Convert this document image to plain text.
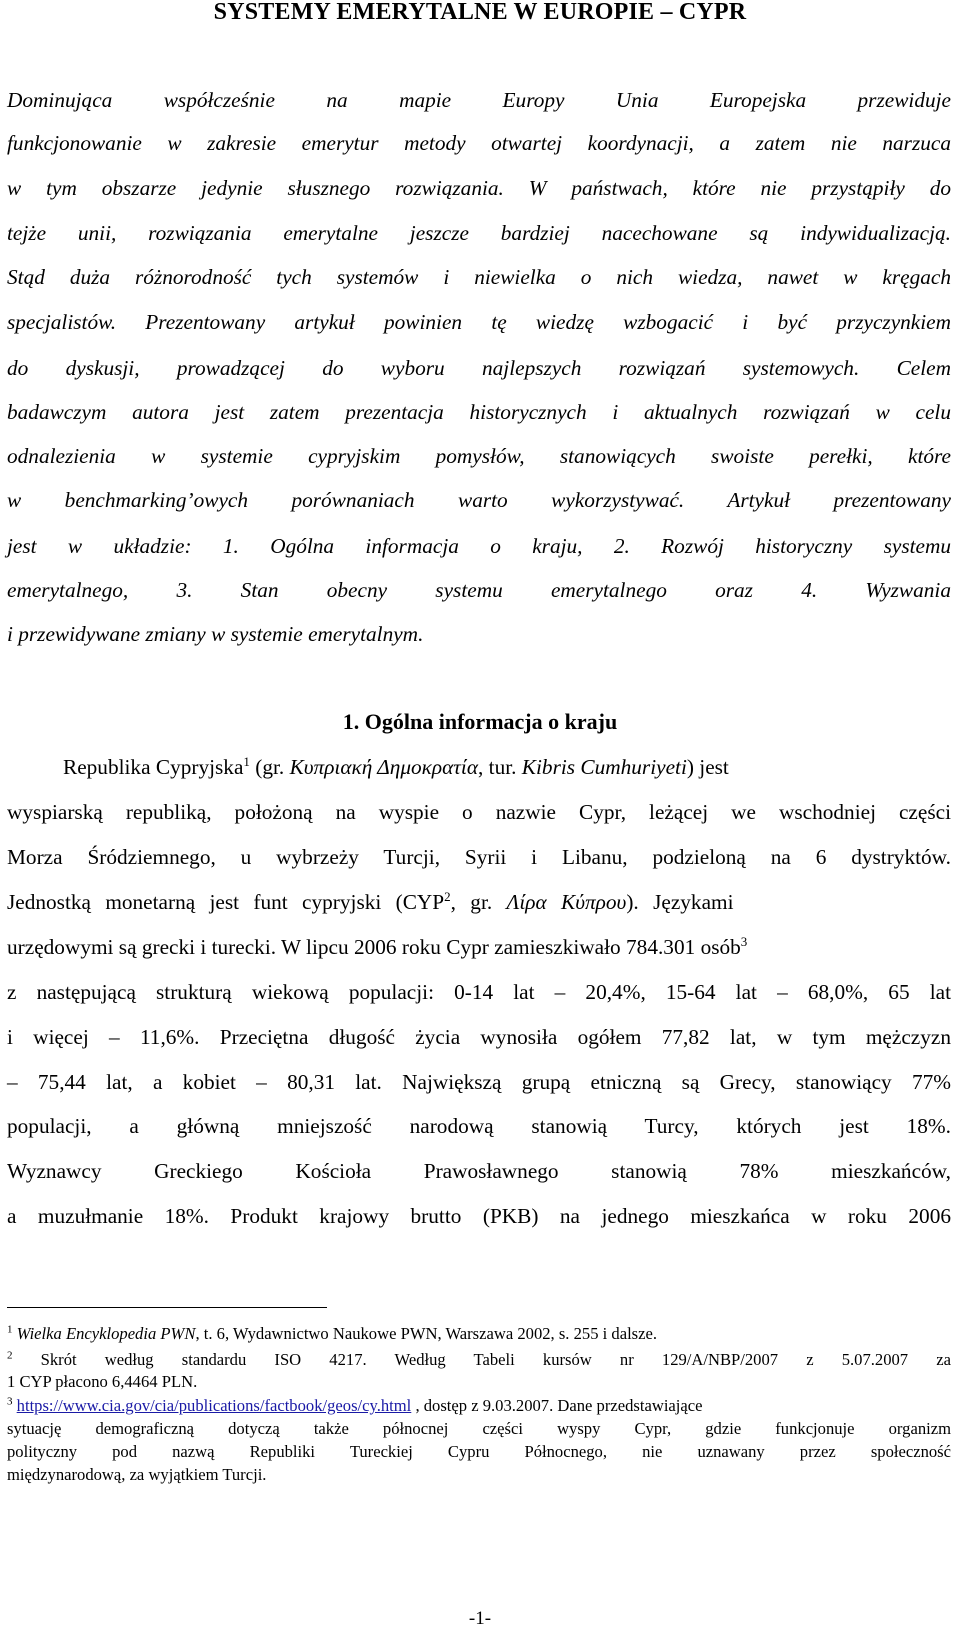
SYSTEMY EMERYTALNE W EUROPIE – CYPR
Dominująca współcześnie na mapie Europy Unia Europejska przewiduje
funkcjonowanie w zakresie emerytur metody otwartej koordynacji, a zatem nie narzuca
w tym obszarze jedynie słusznego rozwiązania. W państwach, które nie przystąpiły do
tejże unii, rozwiązania emerytalne jeszcze bardziej nacechowane są indywidualizacją.
Stąd duża różnorodność tych systemów i niewielka o nich wiedza, nawet w kręgach
specjalistów. Prezentowany artykuł powinien tę wiedzę wzbogacić i być przyczynkiem
do dyskusji, prowadzącej do wyboru najlepszych rozwiązań systemowych. Celem
badawczym autora jest zatem prezentacja historycznych i aktualnych rozwiązań w celu
odnalezienia w systemie cypryjskim pomysłów, stanowiących swoiste perełki, które
w benchmarking’owych porównaniach warto wykorzystywać. Artykuł prezentowany
jest w układzie: 1. Ogólna informacja o kraju, 2. Rozwój historyczny systemu
emerytalnego, 3. Stan obecny systemu emerytalnego oraz 4. Wyzwania
i przewidywane zmiany w systemie emerytalnym.
1. Ogólna informacja o kraju
Republika Cypryjska$^1$ (gr. Κυπριακή Δημοκρατία, tur. Kibris Cumhuriyeti) jest
wyspiarską republiką, położoną na wyspie o nazwie Cypr, leżącej we wschodniej części
Morza Śródziemnego, u wybrzeży Turcji, Syrii i Libanu, podzieloną na 6 dystryktów.
Jednostką monetarną jest funt cypryjski (CYP$^2$, gr. Λίρα Κύπρου). Językami
urzędowymi są grecki i turecki. W lipcu 2006 roku Cypr zamieszkiwało 784.301 osób$^3$
z następującą strukturą wiekową populacji: 0-14 lat – 20,4%, 15-64 lat – 68,0%, 65 lat
i więcej – 11,6%. Przeciętna długość życia wynosiła ogółem 77,82 lat, w tym mężczyzn
– 75,44 lat, a kobiet – 80,31 lat. Największą grupą etniczną są Grecy, stanowiący 77%
populacji, a główną mniejszość narodową stanowią Turcy, których jest 18%.
Wyznawcy Greckiego Kościoła Prawosławnego stanowią 78% mieszkańców,
a muzułmanie 18%. Produkt krajowy brutto (PKB) na jednego mieszkańca w roku 2006
$^1$ Wielka Encyklopedia PWN, t. 6, Wydawnictwo Naukowe PWN, Warszawa 2002, s. 255 i dalsze.
$^2$ Skrót według standardu ISO 4217. Według Tabeli kursów nr 129/A/NBP/2007 z 5.07.2007 za
1 CYP płacono 6,4464 PLN.
$^3$ https://www.cia.gov/cia/publications/factbook/geos/cy.html , dostęp z 9.03.2007. Dane przedstawiające
sytuację demograficzną dotyczą także północnej części wyspy Cypr, gdzie funkcjonuje organizm
polityczny pod nazwą Republiki Tureckiej Cypru Północnego, nie uznawany przez społeczność
międzynarodową, za wyjątkiem Turcji.
-1-
